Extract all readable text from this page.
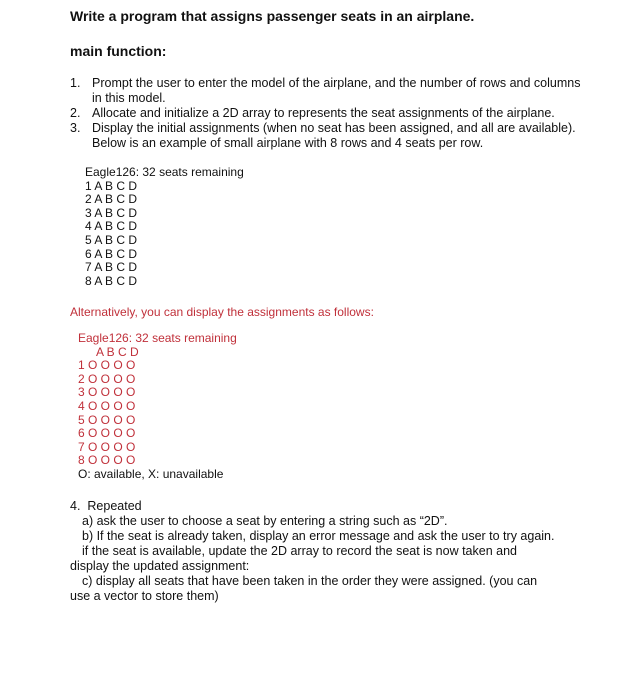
Write a program that assigns passenger seats in an airplane.
main function:
1. Prompt the user to enter the model of the airplane, and the number of rows and columns in this model.
2. Allocate and initialize a 2D array to represents the seat assignments of the airplane.
3. Display the initial assignments (when no seat has been assigned, and all are available). Below is an example of small airplane with 8 rows and 4 seats per row.
Eagle126: 32 seats remaining
1 A B C D
2 A B C D
3 A B C D
4 A B C D
5 A B C D
6 A B C D
7 A B C D
8 A B C D
Alternatively, you can display the assignments as follows:
Eagle126: 32 seats remaining
A B C D
1 O O O O
2 O O O O
3 O O O O
4 O O O O
5 O O O O
6 O O O O
7 O O O O
8 O O O O
O: available, X: unavailable
4. Repeated
a) ask the user to choose a seat by entering a string such as “2D”.
b) If the seat is already taken, display an error message and ask the user to try again.
if the seat is available, update the 2D array to record the seat is now taken and
display the updated assignment:
c) display all seats that have been taken in the order they were assigned. (you can
use a vector to store them)
